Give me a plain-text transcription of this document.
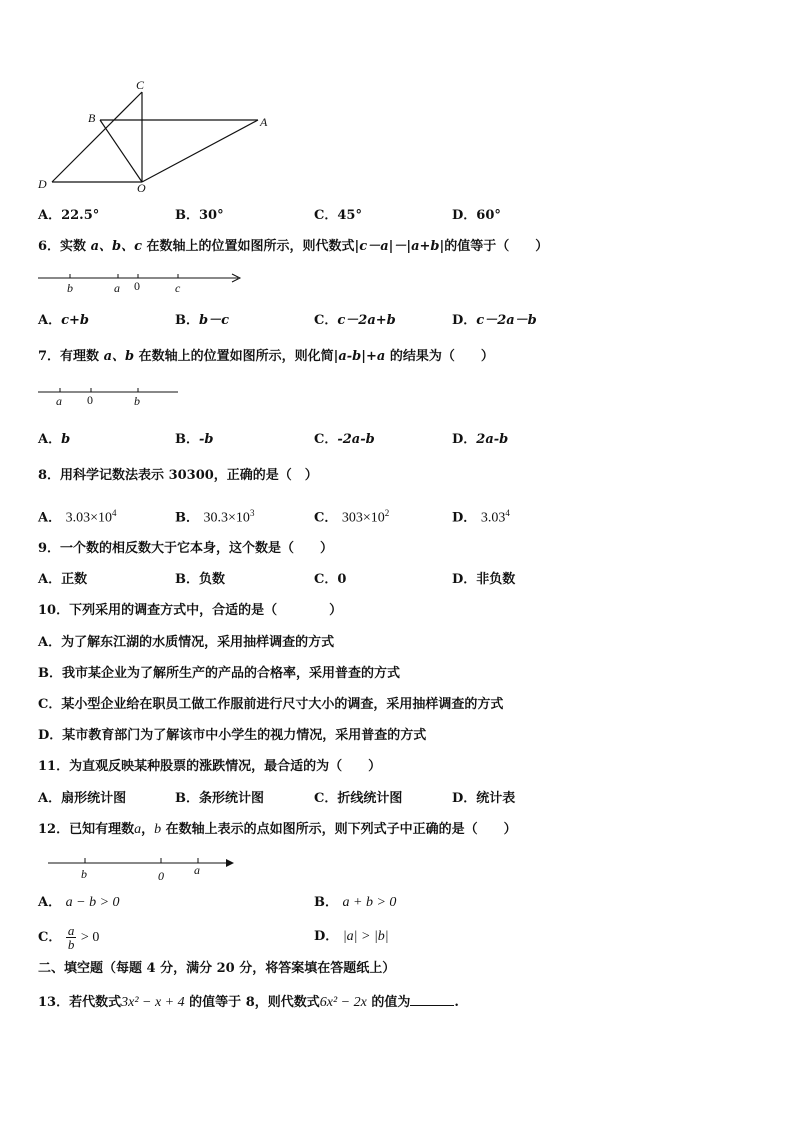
C
B	A
D	O
A．22.5°	B．30°	C．45°	D．60°
6．实数 a、b、c 在数轴上的位置如图所示，则代数式|c－a|－|a+b|的值等于（　　）
b	a 0	c
A．c+b	B．b－c	C．c－2a+b	D．c－2a－b
7．有理数 a、b 在数轴上的位置如图所示，则化简|a-b|+a 的结果为（　　）
a 0	b
A．b	B．-b	C．-2a-b	D．2a-b
8．用科学记数法表示 30300，正确的是（　）
A． $3.03\times 10^4$	B． $30.3\times 10^3$	C． $303\times 10^2$	D． 3.03$^4$
9．一个数的相反数大于它本身，这个数是（　　）
A．正数	B．负数	C．0	D．非负数
10．下列采用的调查方式中，合适的是（　　　　）
A．为了解东江湖的水质情况，采用抽样调查的方式
B．我市某企业为了解所生产的产品的合格率，采用普查的方式
C．某小型企业给在职员工做工作服前进行尺寸大小的调查，采用抽样调查的方式
D．某市教育部门为了解该市中小学生的视力情况，采用普查的方式
11．为直观反映某种股票的涨跌情况，最合适的为（　　）
A．扇形统计图	B．条形统计图	C．折线统计图	D．统计表
12．已知有理数a，b 在数轴上表示的点如图所示，则下列式子中正确的是（　　）
b	0	a
A． a − b > 0	B． a + b > 0
C． $\frac{a}{b} > 0$	D． |a| > |b|
二、填空题（每题 4 分，满分 20 分，将答案填在答题纸上）
13．若代数式3x² − x + 4 的值等于 8，则代数式6x² − 2x 的值为	.
